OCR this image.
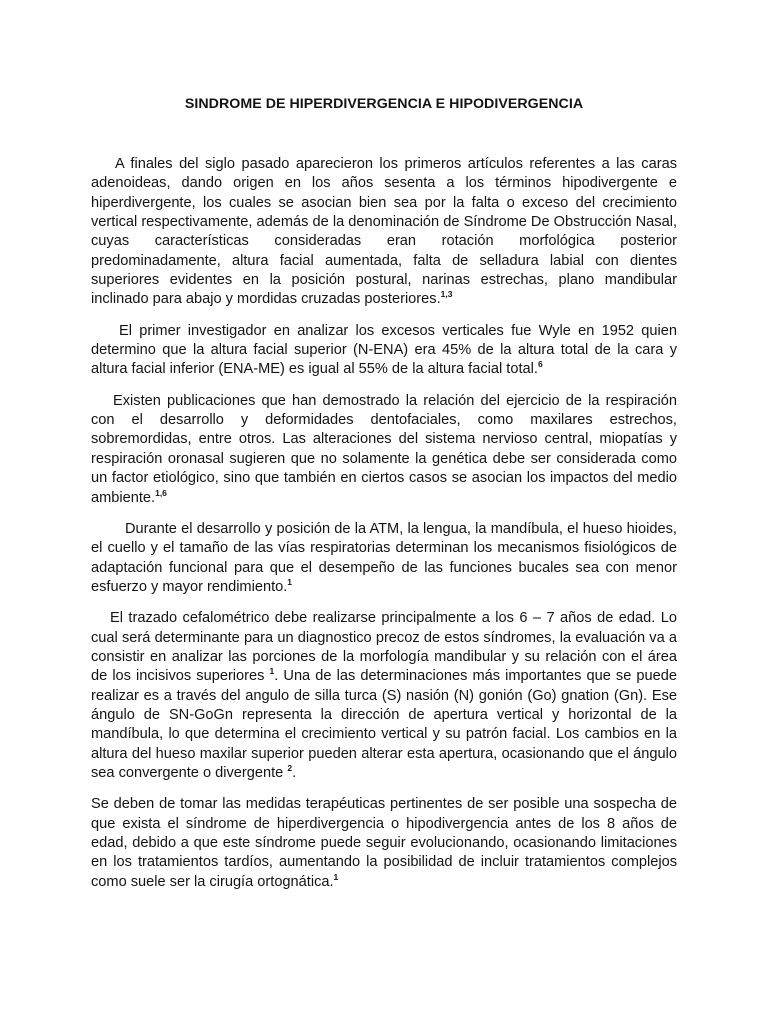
SINDROME DE HIPERDIVERGENCIA E HIPODIVERGENCIA

A finales del siglo pasado aparecieron los primeros artículos referentes a las caras adenoideas, dando origen en los años sesenta a los términos hipodivergente e hiperdivergente, los cuales se asocian bien sea por la falta o exceso del crecimiento vertical respectivamente, además de la denominación de Síndrome De Obstrucción Nasal, cuyas características consideradas eran rotación morfológica posterior predominadamente, altura facial aumentada, falta de selladura labial con dientes superiores evidentes en la posición postural, narinas estrechas, plano mandibular inclinado para abajo y mordidas cruzadas posteriores.$^{1,3}$

El primer investigador en analizar los excesos verticales fue Wyle en 1952 quien determino que la altura facial superior (N-ENA) era 45% de la altura total de la cara y altura facial inferior (ENA-ME) es igual al 55% de la altura facial total.$^6$

Existen publicaciones que han demostrado la relación del ejercicio de la respiración con el desarrollo y deformidades dentofaciales, como maxilares estrechos, sobremordidas, entre otros. Las alteraciones del sistema nervioso central, miopatías y respiración oronasal sugieren que no solamente la genética debe ser considerada como un factor etiológico, sino que también en ciertos casos se asocian los impactos del medio ambiente.$^{1,6}$

Durante el desarrollo y posición de la ATM, la lengua, la mandíbula, el hueso hioides, el cuello y el tamaño de las vías respiratorias determinan los mecanismos fisiológicos de adaptación funcional para que el desempeño de las funciones bucales sea con menor esfuerzo y mayor rendimiento.$^1$

El trazado cefalométrico debe realizarse principalmente a los 6 – 7 años de edad. Lo cual será determinante para un diagnostico precoz de estos síndromes, la evaluación va a consistir en analizar las porciones de la morfología mandibular y su relación con el área de los incisivos superiores $^1$. Una de las determinaciones más importantes que se puede realizar es a través del angulo de silla turca (S) nasión (N) gonión (Go) gnation (Gn). Ese ángulo de SN-GoGn representa la dirección de apertura vertical y horizontal de la mandíbula, lo que determina el crecimiento vertical y su patrón facial. Los cambios en la altura del hueso maxilar superior pueden alterar esta apertura, ocasionando que el ángulo sea convergente o divergente $^2$.

Se deben de tomar las medidas terapéuticas pertinentes de ser posible una sospecha de que exista el síndrome de hiperdivergencia o hipodivergencia antes de los 8 años de edad, debido a que este síndrome puede seguir evolucionando, ocasionando limitaciones en los tratamientos tardíos, aumentando la posibilidad de incluir tratamientos complejos como suele ser la cirugía ortognática.$^1$
